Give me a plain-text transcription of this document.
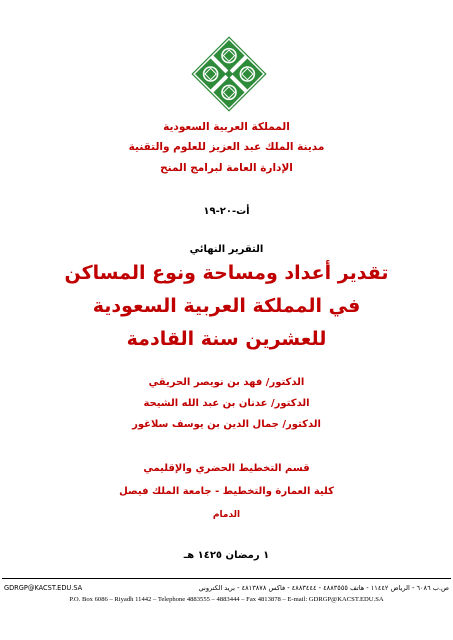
المملكة العربية السعودية
مدينة الملك عبد العزيز للعلوم والتقنية
الإدارة العامة لبرامج المنح
أت-٢٠-١٩
التقرير النهائي
تقدير أعداد ومساحة ونوع المساكن
في المملكة العربية السعودية
للعشرين سنة القادمة
الدكتور/ فهد بن نويصر الحريقي
الدكتور/ عدنان بن عبد الله الشيحة
الدكتور/ جمال الدين بن يوسف سلاغور
قسم التخطيط الحضري والإقليمي
كلية العمارة والتخطيط - جامعة الملك فيصل
الدمام
١ رمضان ١٤٢٥ هـ
GDRGP@KACST.EDU.SA	ص.ب ٦٠٨٦ - الرياض ١١٤٤٢ - هاتف ٤٨٨٣٥٥٥ - ٤٨٨٣٤٤٤ - فاكس ٤٨١٣٨٧٨ - بريد الكتروني
P.O. Box 6086 – Riyadh 11442 – Telephone 4883555 – 4883444 – Fax 4813878 – E-mail: GDRGP@KACST.EDU.SA
